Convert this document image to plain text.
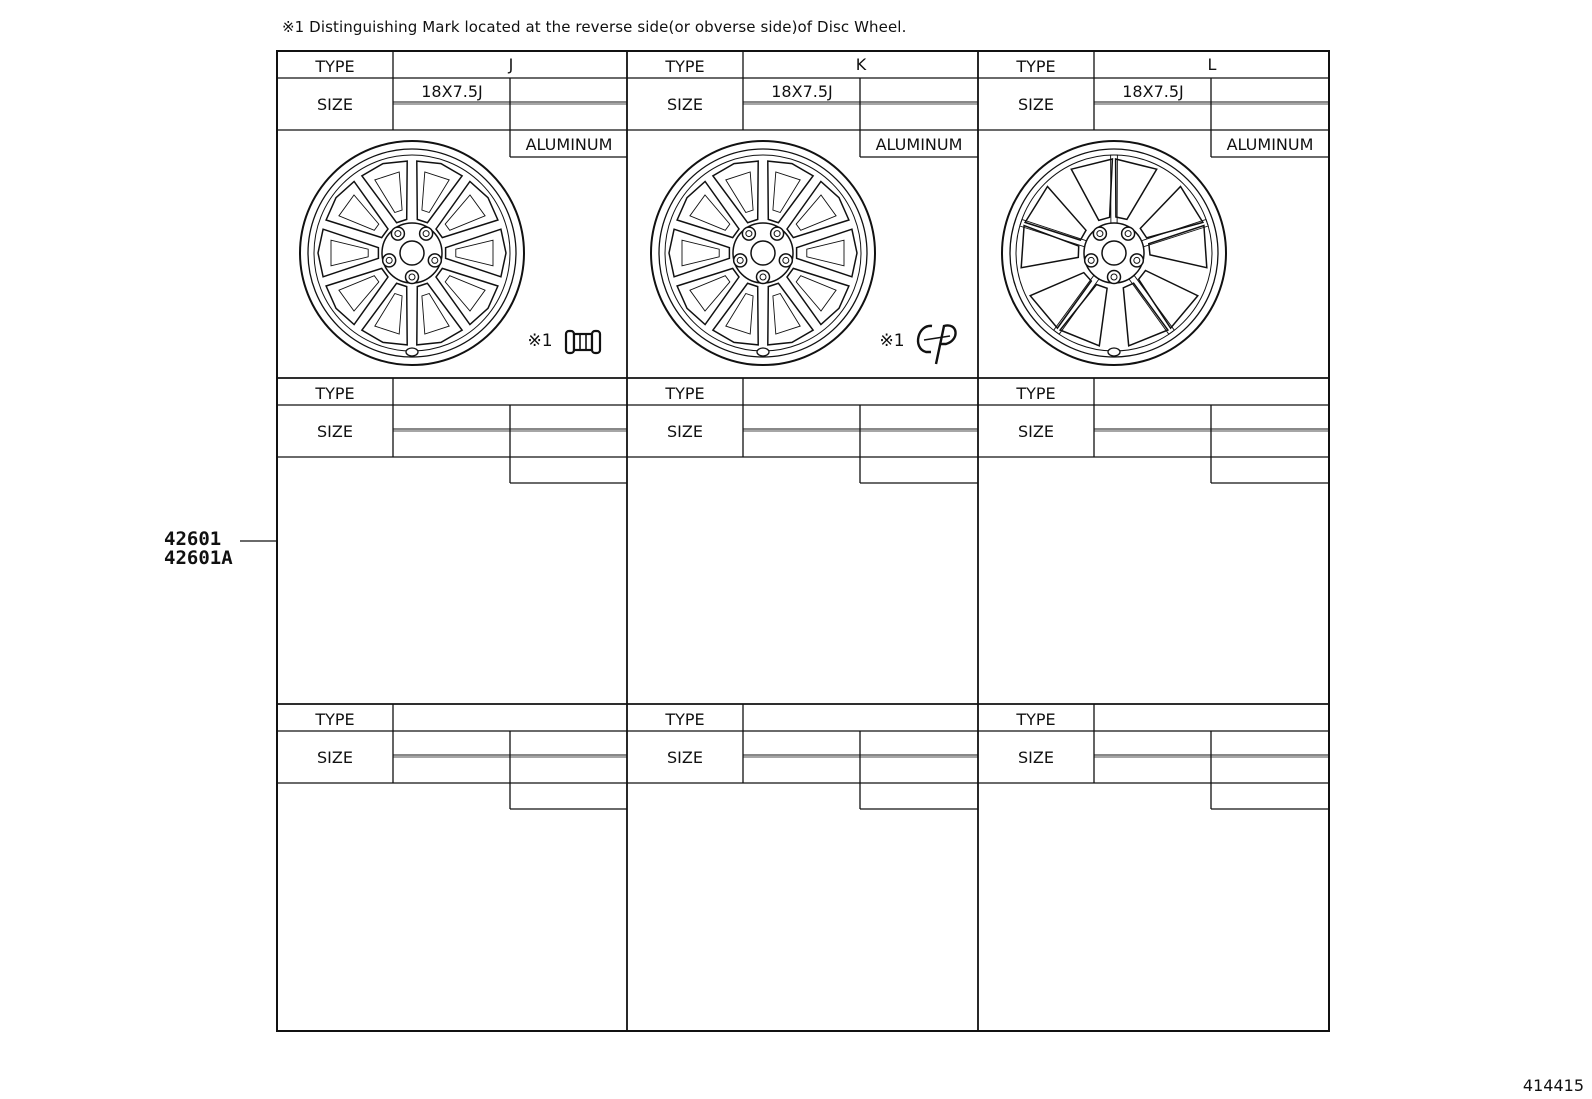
※1 Distinguishing Mark located at the reverse side(or obverse side)of Disc Wheel.
TYPE
SIZE
J
18X7.5J
ALUMINUM
TYPE
SIZE
K
18X7.5J
ALUMINUM
TYPE
SIZE
L
18X7.5J
ALUMINUM
TYPE
SIZE
TYPE
SIZE
TYPE
SIZE
TYPE
SIZE
TYPE
SIZE
TYPE
SIZE
※1	※1
42601
42601A
414415
